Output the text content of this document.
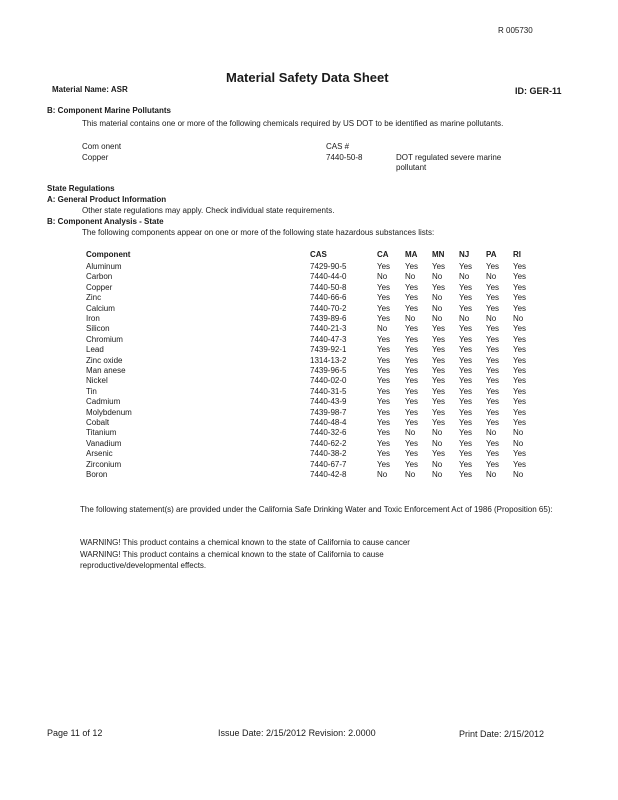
R 005730
Material Safety Data Sheet
Material Name: ASR	ID: GER-11
B: Component Marine Pollutants
This material contains one or more of the following chemicals required by US DOT to be identified as marine pollutants.
Com onent	CAS #
Copper	7440-50-8	DOT regulated severe marine pollutant
State Regulations
A: General Product Information
Other state regulations may apply. Check individual state requirements.
B: Component Analysis - State
The following components appear on one or more of the following state hazardous substances lists:
Component	CAS	CA MA MN NJ PA RI
Aluminum	7429-90-5	Yes Yes Yes Yes Yes Yes
Carbon	7440-44-0	No No No No No Yes
Copper	7440-50-8	Yes Yes Yes Yes Yes Yes
Zinc	7440-66-6	Yes Yes No Yes Yes Yes
Calcium	7440-70-2	Yes Yes No Yes Yes Yes
Iron	7439-89-6	Yes No No No No No
Silicon	7440-21-3	No Yes Yes Yes Yes Yes
Chromium	7440-47-3	Yes Yes Yes Yes Yes Yes
Lead	7439-92-1	Yes Yes Yes Yes Yes Yes
Zinc oxide	1314-13-2	Yes Yes Yes Yes Yes Yes
Man anese	7439-96-5	Yes Yes Yes Yes Yes Yes
Nickel	7440-02-0	Yes Yes Yes Yes Yes Yes
Tin	7440-31-5	Yes Yes Yes Yes Yes Yes
Cadmium	7440-43-9	Yes Yes Yes Yes Yes Yes
Molybdenum	7439-98-7	Yes Yes Yes Yes Yes Yes
Cobalt	7440-48-4	Yes Yes Yes Yes Yes Yes
Titanium	7440-32-6	Yes No No Yes No No
Vanadium	7440-62-2	Yes Yes No Yes Yes No
Arsenic	7440-38-2	Yes Yes Yes Yes Yes Yes
Zirconium	7440-67-7	Yes Yes No Yes Yes Yes
Boron	7440-42-8	No No No Yes No No
The following statement(s) are provided under the California Safe Drinking Water and Toxic Enforcement Act of 1986 (Proposition 65):
WARNING! This product contains a chemical known to the state of California to cause cancer
WARNING! This product contains a chemical known to the state of California to cause reproductive/developmental effects.
Page 11 of 12	Issue Date: 2/15/2012 Revision: 2.0000	Print Date: 2/15/2012
